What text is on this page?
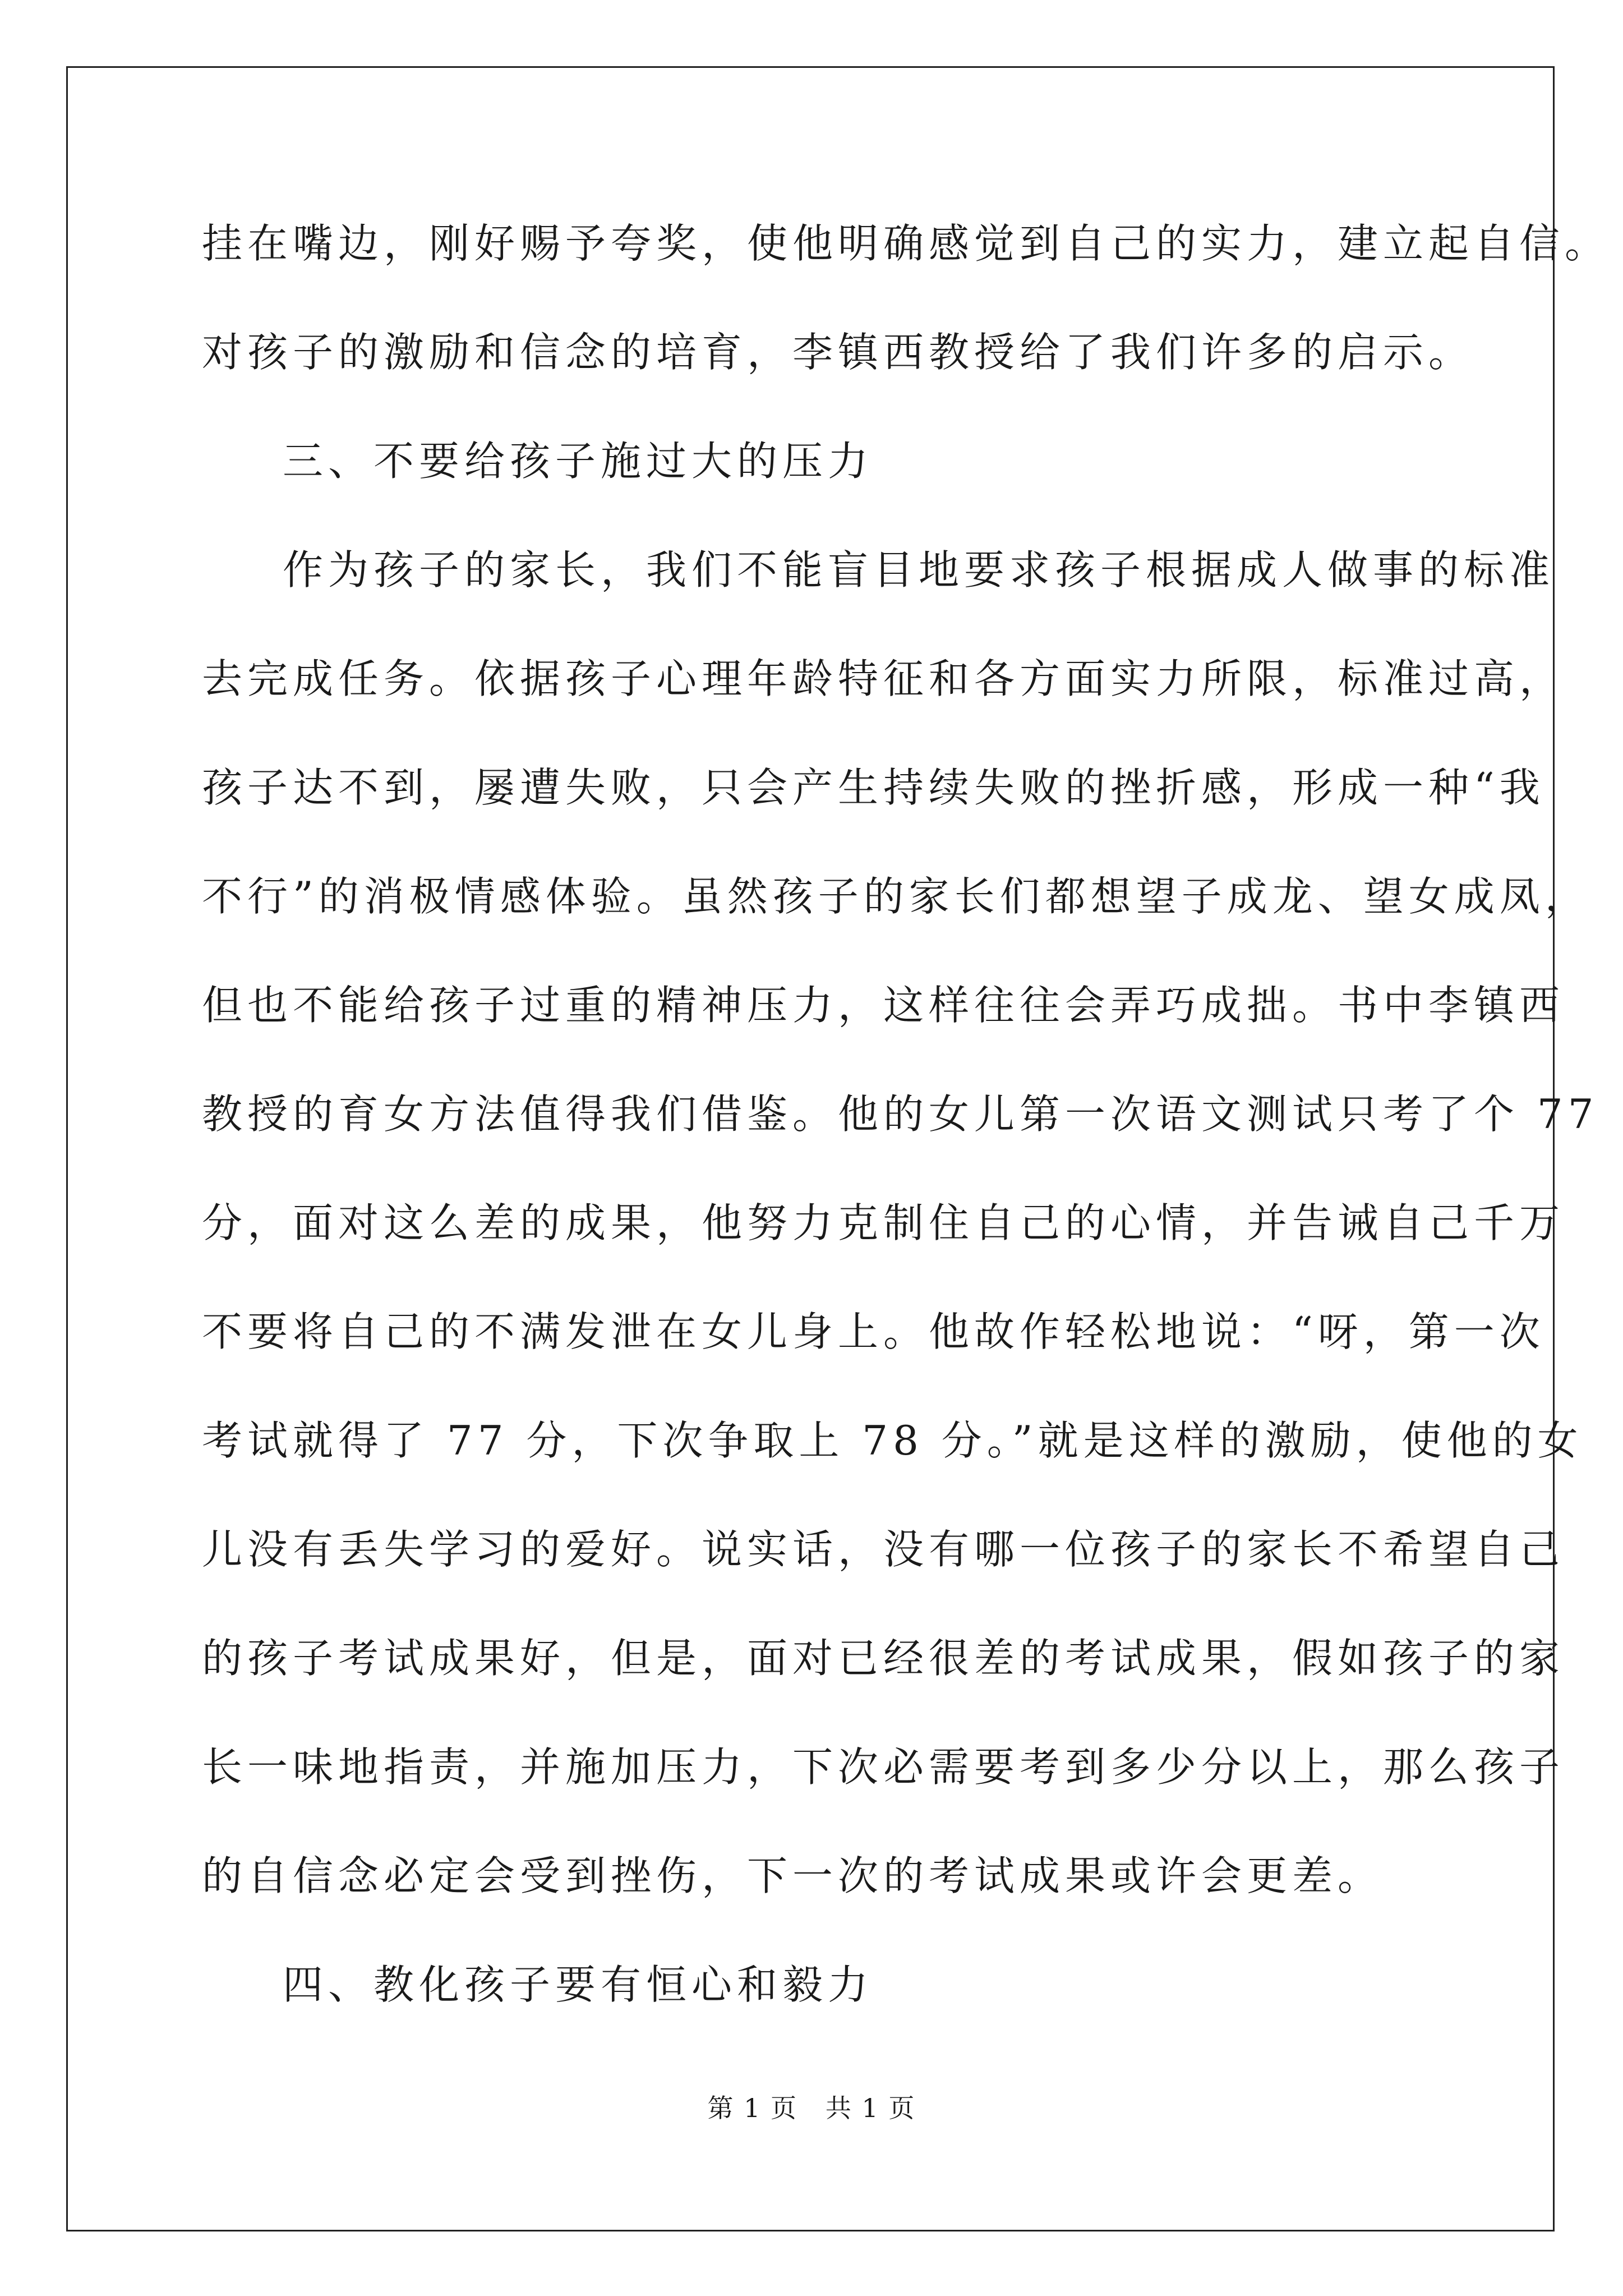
挂在嘴边，刚好赐予夸奖，使他明确感觉到自己的实力，建立起自信。
对孩子的激励和信念的培育，李镇西教授给了我们许多的启示。
三、不要给孩子施过大的压力
作为孩子的家长，我们不能盲目地要求孩子根据成人做事的标准
去完成任务。依据孩子心理年龄特征和各方面实力所限，标准过高，
孩子达不到，屡遭失败，只会产生持续失败的挫折感，形成一种“我
不行”的消极情感体验。虽然孩子的家长们都想望子成龙、望女成凤，
但也不能给孩子过重的精神压力，这样往往会弄巧成拙。书中李镇西
教授的育女方法值得我们借鉴。他的女儿第一次语文测试只考了个 77
分，面对这么差的成果，他努力克制住自己的心情，并告诫自己千万
不要将自己的不满发泄在女儿身上。他故作轻松地说：“呀，第一次
考试就得了 77 分，下次争取上 78 分。”就是这样的激励，使他的女
儿没有丢失学习的爱好。说实话，没有哪一位孩子的家长不希望自己
的孩子考试成果好，但是，面对已经很差的考试成果，假如孩子的家
长一味地指责，并施加压力，下次必需要考到多少分以上，那么孩子
的自信念必定会受到挫伤，下一次的考试成果或许会更差。
四、教化孩子要有恒心和毅力
第 1 页   共 1 页
